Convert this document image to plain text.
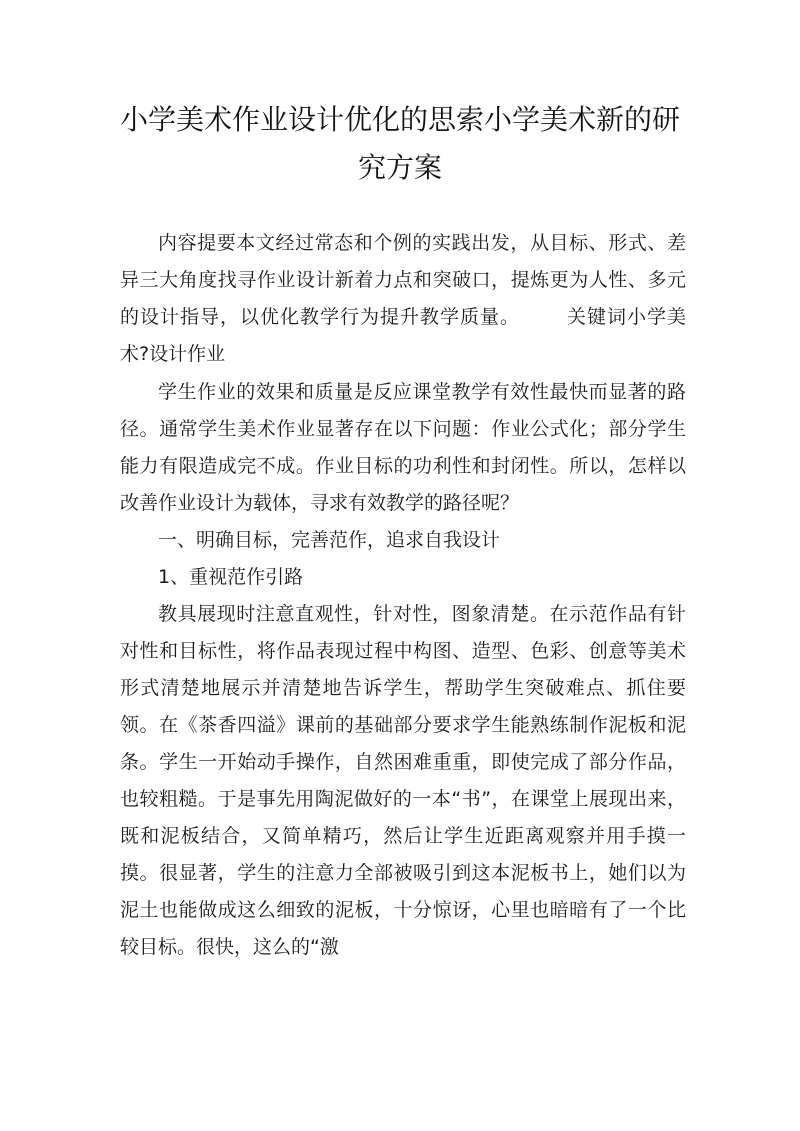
小学美术作业设计优化的思索小学美术新的研究方案

内容提要本文经过常态和个例的实践出发，从目标、形式、差异三大角度找寻作业设计新着力点和突破口，提炼更为人性、多元的设计指导，以优化教学行为提升教学质量。 关键词小学美术?设计作业

学生作业的效果和质量是反应课堂教学有效性最快而显著的路径。通常学生美术作业显著存在以下问题：作业公式化；部分学生能力有限造成完不成。作业目标的功利性和封闭性。所以，怎样以改善作业设计为载体，寻求有效教学的路径呢？

一、明确目标，完善范作，追求自我设计

1、重视范作引路

教具展现时注意直观性，针对性，图象清楚。在示范作品有针对性和目标性，将作品表现过程中构图、造型、色彩、创意等美术形式清楚地展示并清楚地告诉学生，帮助学生突破难点、抓住要领。在《茶香四溢》课前的基础部分要求学生能熟练制作泥板和泥条。学生一开始动手操作，自然困难重重，即使完成了部分作品，也较粗糙。于是事先用陶泥做好的一本“书”，在课堂上展现出来，既和泥板结合，又简单精巧，然后让学生近距离观察并用手摸一摸。很显著，学生的注意力全部被吸引到这本泥板书上，她们以为泥土也能做成这么细致的泥板，十分惊讶，心里也暗暗有了一个比较目标。很快，这么的“激
